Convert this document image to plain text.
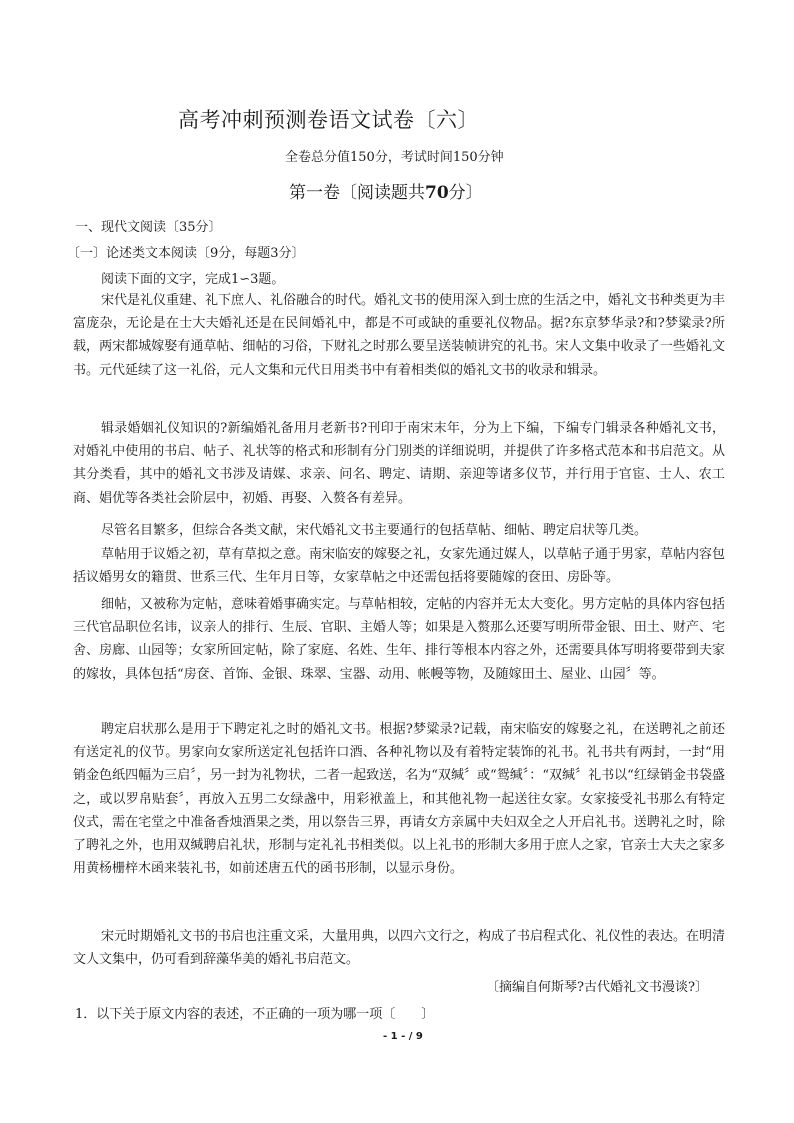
高考冲刺预测卷语文试卷〔六〕
全卷总分值150分，考试时间150分钟
第一卷〔阅读题共70分〕
一、现代文阅读〔35分〕
〔一〕论述类文本阅读〔9分，每题3分〕
阅读下面的文字，完成1∽3题。
宋代是礼仪重建、礼下庶人、礼俗融合的时代。婚礼文书的使用深入到士庶的生活之中，婚礼文书种类更为丰富庞杂，无论是在士大夫婚礼还是在民间婚礼中，都是不可或缺的重要礼仪物品。据?东京梦华录?和?梦粱录?所载，两宋都城嫁娶有通草帖、细帖的习俗，下财礼之时那么要呈送装帧讲究的礼书。宋人文集中收录了一些婚礼文书。元代延续了这一礼俗，元人文集和元代日用类书中有着相类似的婚礼文书的收录和辑录。
辑录婚姻礼仪知识的?新编婚礼备用月老新书?刊印于南宋末年，分为上下编，下编专门辑录各种婚礼文书，对婚礼中使用的书启、帖子、礼状等的格式和形制有分门别类的详细说明，并提供了许多格式范本和书启范文。从其分类看，其中的婚礼文书涉及请媒、求亲、问名、聘定、请期、亲迎等诸多仪节，并行用于官宦、士人、农工商、娼优等各类社会阶层中，初婚、再娶、入赘各有差异。
尽管名目繁多，但综合各类文献，宋代婚礼文书主要通行的包括草帖、细帖、聘定启状等几类。
草帖用于议婚之初，草有草拟之意。南宋临安的嫁娶之礼，女家先通过媒人，以草帖子通于男家，草帖内容包括议婚男女的籍贯、世系三代、生年月日等，女家草帖之中还需包括将要随嫁的奁田、房卧等。
细帖，又被称为定帖，意味着婚事确实定。与草帖相较，定帖的内容并无太大变化。男方定帖的具体内容包括三代官品职位名讳，议亲人的排行、生辰、官职、主婚人等；如果是入赘那么还要写明所带金银、田土、财产、宅舍、房廊、山园等；女家所回定帖，除了家庭、名姓、生年、排行等根本内容之外，还需要具体写明将要带到夫家的嫁妆，具体包括“房奁、首饰、金银、珠翠、宝器、动用、帐幔等物，及随嫁田土、屋业、山园〞等。
聘定启状那么是用于下聘定礼之时的婚礼文书。根据?梦粱录?记载，南宋临安的嫁娶之礼，在送聘礼之前还有送定礼的仪节。男家向女家所送定礼包括许口酒、各种礼物以及有着特定装饰的礼书。礼书共有两封，一封“用销金色纸四幅为三启〞，另一封为礼物状，二者一起致送，名为“双缄〞或“鸳缄〞：“双缄〞礼书以“红绿销金书袋盛之，或以罗帛贴套〞，再放入五男二女绿盏中，用彩袱盖上，和其他礼物一起送往女家。女家接受礼书那么有特定仪式，需在宅堂之中准备香烛酒果之类，用以祭告三界，再请女方亲属中夫妇双全之人开启礼书。送聘礼之时，除了聘礼之外，也用双缄聘启礼状，形制与定礼礼书相类似。以上礼书的形制大多用于庶人之家，官亲士大夫之家多用黄杨栅梓木函来装礼书，如前述唐五代的函书形制，以显示身份。
宋元时期婚礼文书的书启也注重文采，大量用典，以四六文行之，构成了书启程式化、礼仪性的表达。在明清文人文集中，仍可看到辞藻华美的婚礼书启范文。
〔摘编自何斯琴?古代婚礼文书漫谈?〕
1．以下关于原文内容的表述，不正确的一项为哪一项〔　　〕
- 1 - / 9
